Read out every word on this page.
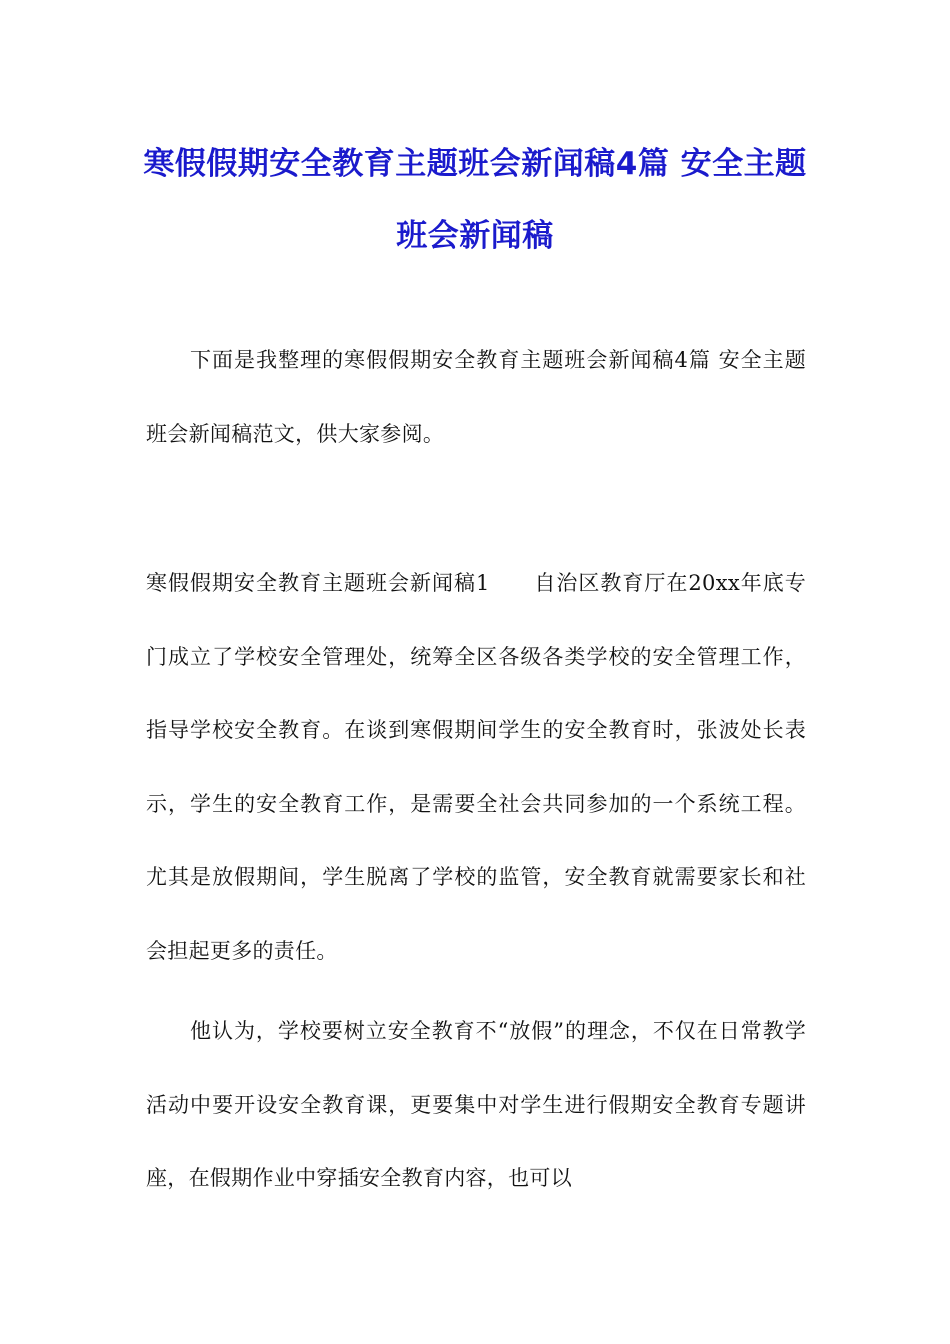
寒假假期安全教育主题班会新闻稿4篇 安全主题班会新闻稿

下面是我整理的寒假假期安全教育主题班会新闻稿4篇 安全主题班会新闻稿范文，供大家参阅。

寒假假期安全教育主题班会新闻稿1　　自治区教育厅在20xx年底专门成立了学校安全管理处，统筹全区各级各类学校的安全管理工作，指导学校安全教育。在谈到寒假期间学生的安全教育时，张波处长表示，学生的安全教育工作，是需要全社会共同参加的一个系统工程。尤其是放假期间，学生脱离了学校的监管，安全教育就需要家长和社会担起更多的责任。

他认为，学校要树立安全教育不“放假”的理念，不仅在日常教学活动中要开设安全教育课，更要集中对学生进行假期安全教育专题讲座，在假期作业中穿插安全教育内容，也可以
